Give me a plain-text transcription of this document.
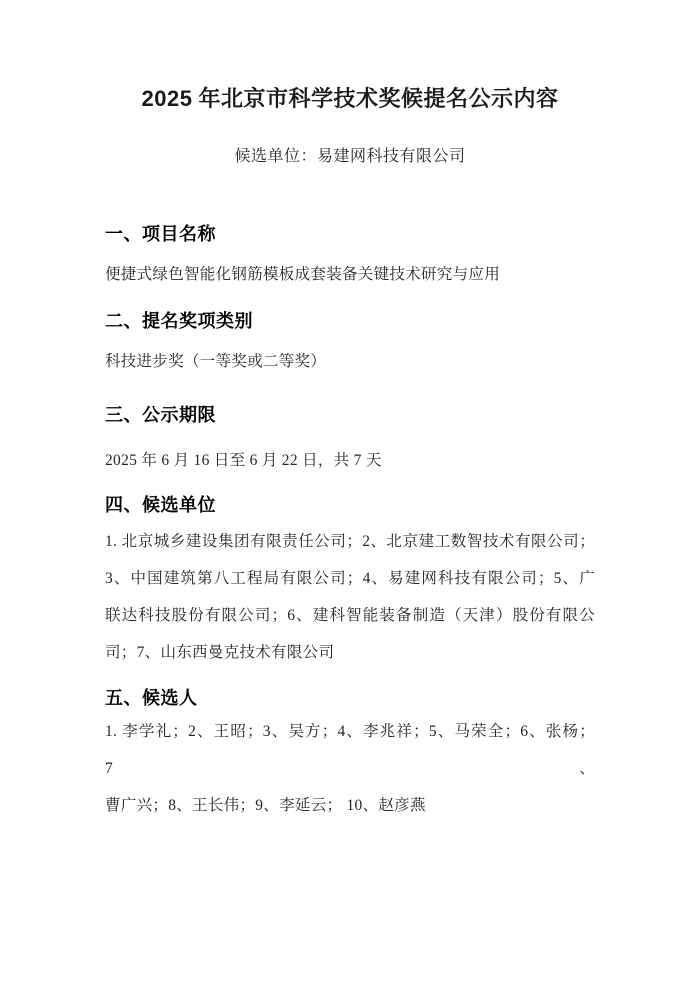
2025 年北京市科学技术奖候提名公示内容
候选单位：易建网科技有限公司
一、项目名称
便捷式绿色智能化钢筋模板成套装备关键技术研究与应用
二、提名奖项类别
科技进步奖（一等奖或二等奖）
三、公示期限
2025 年 6 月 16 日至 6 月 22 日，共 7 天
四、候选单位
1. 北京城乡建设集团有限责任公司；2、北京建工数智技术有限公司；
3、中国建筑第八工程局有限公司；4、易建网科技有限公司；5、广
联达科技股份有限公司；6、建科智能装备制造（天津）股份有限公
司；7、山东西曼克技术有限公司
五、候选人
1. 李学礼；2、王昭；3、吴方；4、李兆祥；5、马荣全；6、张杨；7、
曹广兴；8、王长伟；9、李延云； 10、赵彦燕
